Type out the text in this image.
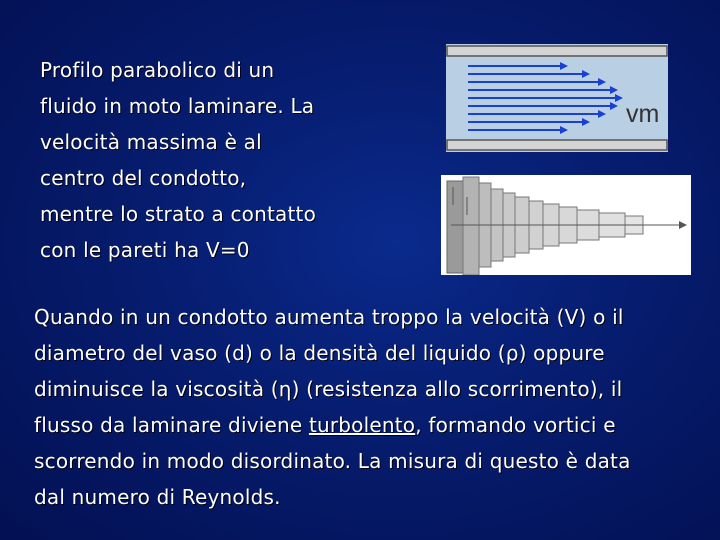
Profilo parabolico di un
fluido in moto laminare. La
velocità massima è al
centro del condotto,
mentre lo strato a contatto
con le pareti ha V=0
vm
Quando in un condotto aumenta troppo la velocità (V) o il
diametro del vaso (d) o la densità del liquido (ρ) oppure
diminuisce la viscosità (η) (resistenza allo scorrimento), il
flusso da laminare diviene turbolento, formando vortici e
scorrendo in modo disordinato. La misura di questo è data
dal numero di Reynolds.
